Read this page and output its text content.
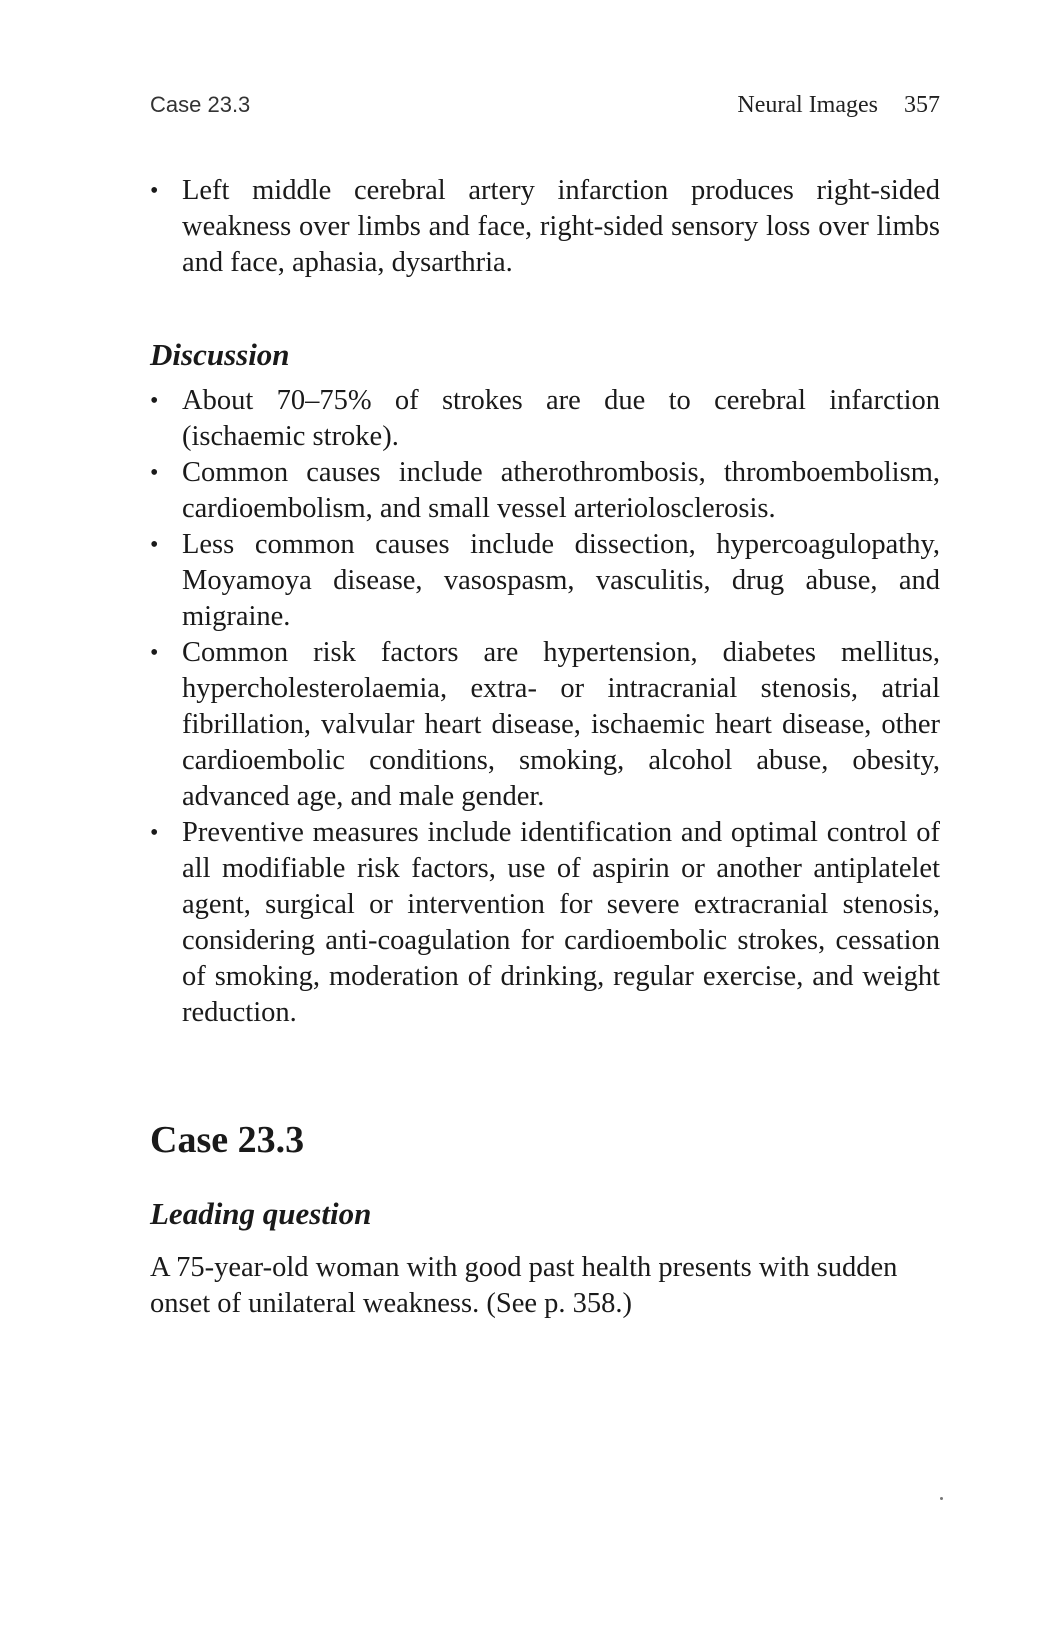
Case 23.3	Neural Images 357
• Left middle cerebral artery infarction produces right-sided weakness over limbs and face, right-sided sensory loss over limbs and face, aphasia, dysarthria.
Discussion
• About 70–75% of strokes are due to cerebral infarction (ischaemic stroke).
• Common causes include atherothrombosis, thromboembolism, cardioembolism, and small vessel arteriolosclerosis.
• Less common causes include dissection, hypercoagulopathy, Moyamoya disease, vasospasm, vasculitis, drug abuse, and migraine.
• Common risk factors are hypertension, diabetes mellitus, hypercholesterolaemia, extra- or intracranial stenosis, atrial fibrillation, valvular heart disease, ischaemic heart disease, other cardioembolic conditions, smoking, alcohol abuse, obesity, advanced age, and male gender.
• Preventive measures include identification and optimal control of all modifiable risk factors, use of aspirin or another antiplatelet agent, surgical or intervention for severe extracranial stenosis, considering anti-coagulation for cardioembolic strokes, cessation of smoking, moderation of drinking, regular exercise, and weight reduction.
Case 23.3
Leading question

A 75-year-old woman with good past health presents with sudden onset of unilateral weakness. (See p. 358.)
